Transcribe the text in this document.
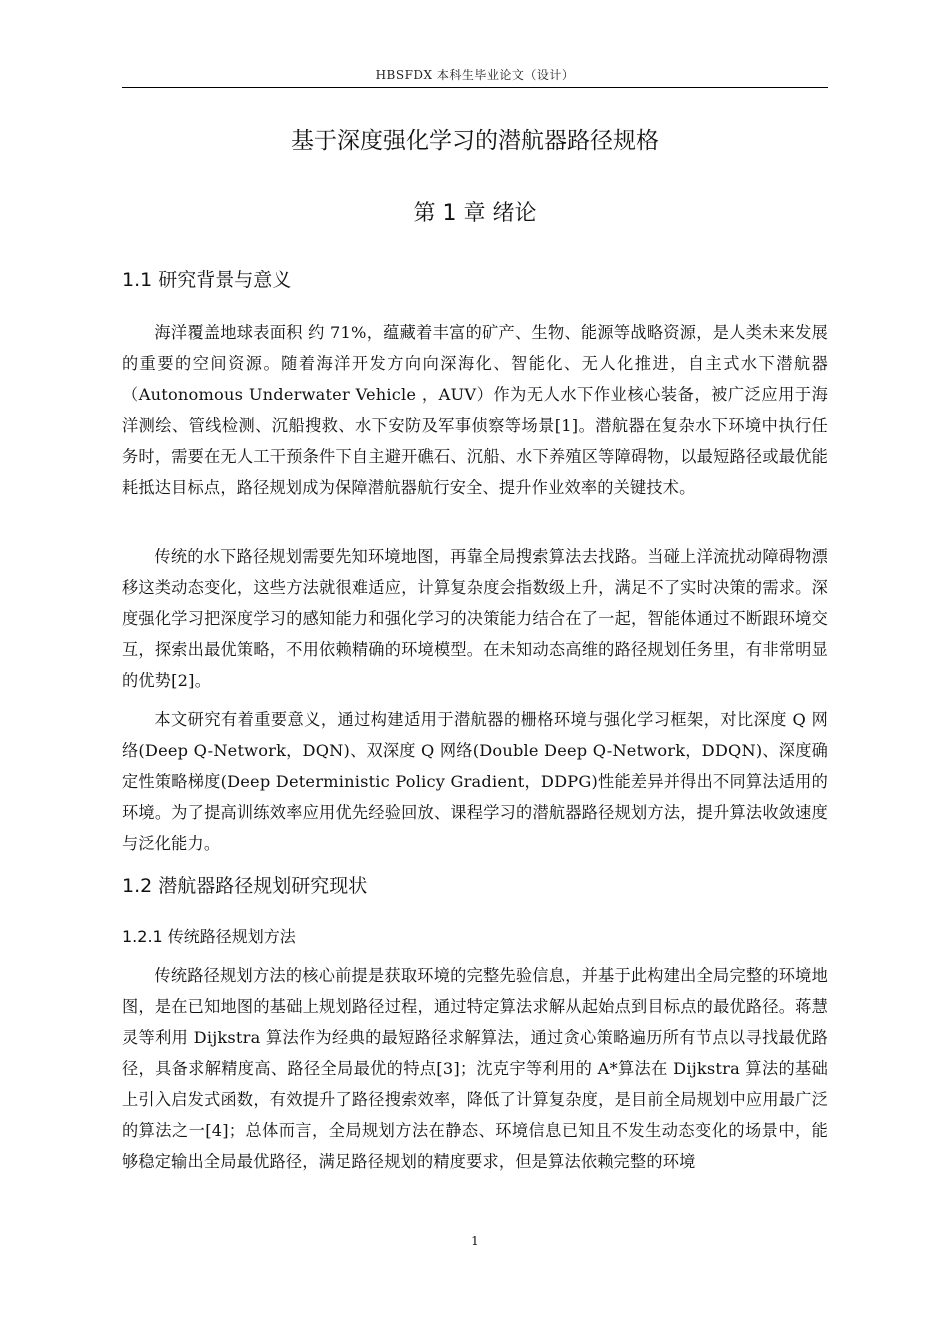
HBSFDX 本科生毕业论文（设计）
基于深度强化学习的潜航器路径规格
第 1 章 绪论
1.1 研究背景与意义

海洋覆盖地球表面积 约 71%，蕴藏着丰富的矿产、生物、能源等战略资源，是人类未来发展的重要的空间资源。随着海洋开发方向向深海化、智能化、无人化推进，自主式水下潜航器（Autonomous Underwater Vehicle ，AUV）作为无人水下作业核心装备，被广泛应用于海洋测绘、管线检测、沉船搜救、水下安防及军事侦察等场景[1]。潜航器在复杂水下环境中执行任务时，需要在无人工干预条件下自主避开礁石、沉船、水下养殖区等障碍物，以最短路径或最优能耗抵达目标点，路径规划成为保障潜航器航行安全、提升作业效率的关键技术。

传统的水下路径规划需要先知环境地图，再靠全局搜索算法去找路。当碰上洋流扰动障碍物漂移这类动态变化，这些方法就很难适应，计算复杂度会指数级上升，满足不了实时决策的需求。深度强化学习把深度学习的感知能力和强化学习的决策能力结合在了一起，智能体通过不断跟环境交互，探索出最优策略，不用依赖精确的环境模型。在未知动态高维的路径规划任务里，有非常明显的优势[2]。

本文研究有着重要意义，通过构建适用于潜航器的栅格环境与强化学习框架，对比深度 Q 网络(Deep Q-Network，DQN)、双深度 Q 网络(Double Deep Q-Network，DDQN)、深度确定性策略梯度(Deep Deterministic Policy Gradient，DDPG)性能差异并得出不同算法适用的环境。为了提高训练效率应用优先经验回放、课程学习的潜航器路径规划方法，提升算法收敛速度与泛化能力。

1.2 潜航器路径规划研究现状
1.2.1 传统路径规划方法

传统路径规划方法的核心前提是获取环境的完整先验信息，并基于此构建出全局完整的环境地图，是在已知地图的基础上规划路径过程，通过特定算法求解从起始点到目标点的最优路径。蒋慧灵等利用 Dijkstra 算法作为经典的最短路径求解算法，通过贪心策略遍历所有节点以寻找最优路径，具备求解精度高、路径全局最优的特点[3]；沈克宇等利用的 A*算法在 Dijkstra 算法的基础上引入启发式函数，有效提升了路径搜索效率，降低了计算复杂度，是目前全局规划中应用最广泛的算法之一[4]；总体而言，全局规划方法在静态、环境信息已知且不发生动态变化的场景中，能够稳定输出全局最优路径，满足路径规划的精度要求，但是算法依赖完整的环境

1
